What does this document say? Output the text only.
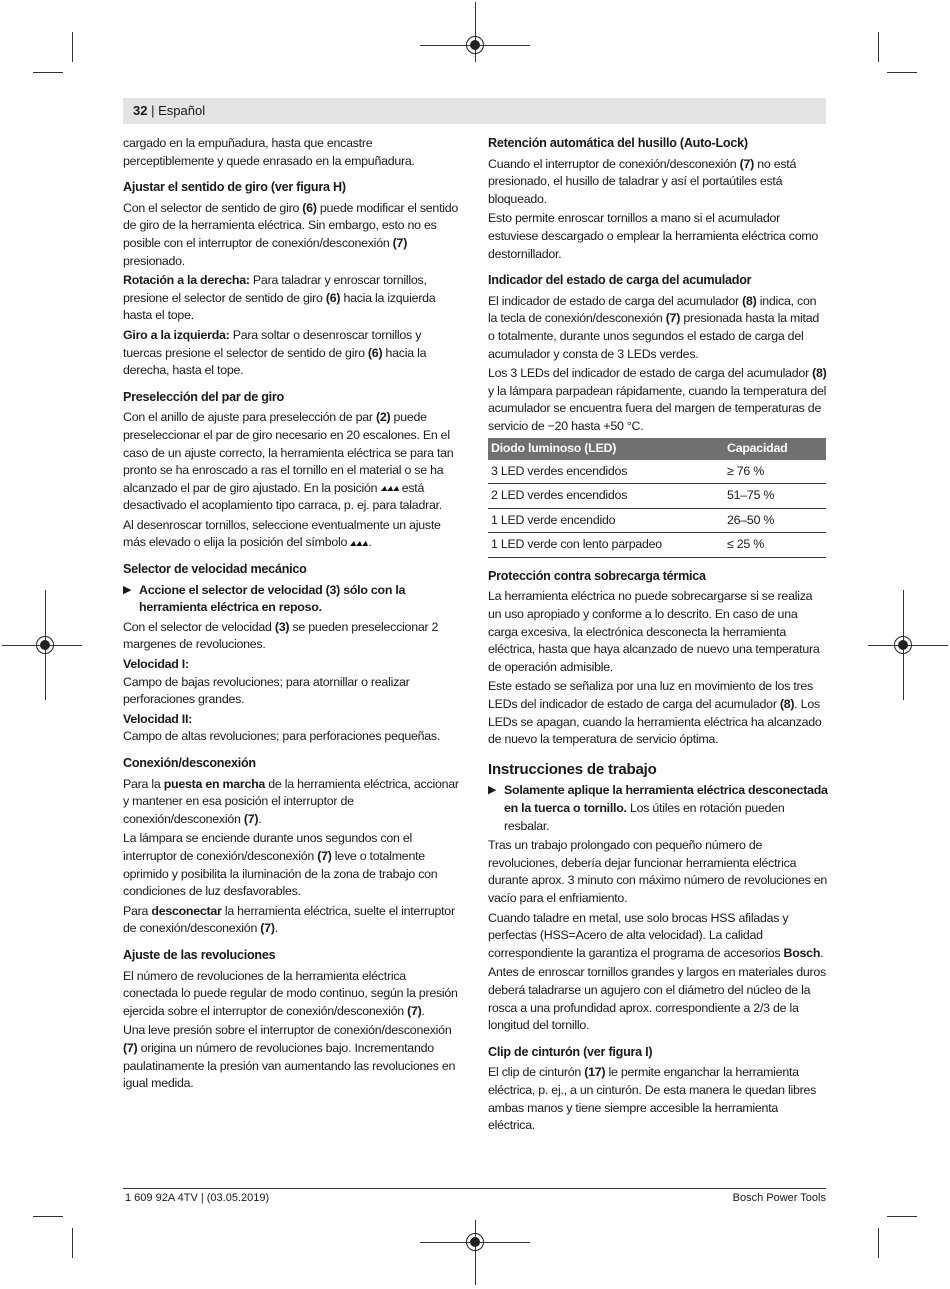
32 | Español

cargado en la empuñadura, hasta que encastre perceptiblemente y quede enrasado en la empuñadura.

Ajustar el sentido de giro (ver figura H)

Con el selector de sentido de giro (6) puede modificar el sentido de giro de la herramienta eléctrica. Sin embargo, esto no es posible con el interruptor de conexión/desconexión (7) presionado.

Rotación a la derecha: Para taladrar y enroscar tornillos, presione el selector de sentido de giro (6) hacia la izquierda hasta el tope.

Giro a la izquierda: Para soltar o desenroscar tornillos y tuercas presione el selector de sentido de giro (6) hacia la derecha, hasta el tope.

Preselección del par de giro

Con el anillo de ajuste para preselección de par (2) puede preseleccionar el par de giro necesario en 20 escalones. En el caso de un ajuste correcto, la herramienta eléctrica se para tan pronto se ha enroscado a ras el tornillo en el material o se ha alcanzado el par de giro ajustado. En la posición  está desactivado el acoplamiento tipo carraca, p. ej. para taladrar.

Al desenroscar tornillos, seleccione eventualmente un ajuste más elevado o elija la posición del símbolo .

Selector de velocidad mecánico
▶ Accione el selector de velocidad (3) sólo con la herramienta eléctrica en reposo.

Con el selector de velocidad (3) se pueden preseleccionar 2 margenes de revoluciones.

Velocidad I:

Campo de bajas revoluciones; para atornillar o realizar perforaciones grandes.

Velocidad II:

Campo de altas revoluciones; para perforaciones pequeñas.

Conexión/desconexión

Para la puesta en marcha de la herramienta eléctrica, accionar y mantener en esa posición el interruptor de conexión/desconexión (7).

La lámpara se enciende durante unos segundos con el interruptor de conexión/desconexión (7) leve o totalmente oprimido y posibilita la iluminación de la zona de trabajo con condiciones de luz desfavorables.

Para desconectar la herramienta eléctrica, suelte el interruptor de conexión/desconexión (7).

Ajuste de las revoluciones

El número de revoluciones de la herramienta eléctrica conectada lo puede regular de modo continuo, según la presión ejercida sobre el interruptor de conexión/desconexión (7).

Una leve presión sobre el interruptor de conexión/desconexión (7) origina un número de revoluciones bajo. Incrementando paulatinamente la presión van aumentando las revoluciones en igual medida.

Retención automática del husillo (Auto-Lock)

Cuando el interruptor de conexión/desconexión (7) no está presionado, el husillo de taladrar y así el portaútiles está bloqueado.

Esto permite enroscar tornillos a mano si el acumulador estuviese descargado o emplear la herramienta eléctrica como destornillador.

Indicador del estado de carga del acumulador

El indicador de estado de carga del acumulador (8) indica, con la tecla de conexión/desconexión (7) presionada hasta la mitad o totalmente, durante unos segundos el estado de carga del acumulador y consta de 3 LEDs verdes.

Los 3 LEDs del indicador de estado de carga del acumulador (8) y la lámpara parpadean rápidamente, cuando la temperatura del acumulador se encuentra fuera del margen de temperaturas de servicio de −20 hasta +50 °C.

Diodo luminoso (LED)	Capacidad
3 LED verdes encendidos	≥ 76 %
2 LED verdes encendidos	51–75 %
1 LED verde encendido	26–50 %
1 LED verde con lento parpadeo	≤ 25 %
Protección contra sobrecarga térmica

La herramienta eléctrica no puede sobrecargarse si se realiza un uso apropiado y conforme a lo descrito. En caso de una carga excesiva, la electrónica desconecta la herramienta eléctrica, hasta que haya alcanzado de nuevo una temperatura de operación admisible.

Este estado se señaliza por una luz en movimiento de los tres LEDs del indicador de estado de carga del acumulador (8). Los LEDs se apagan, cuando la herramienta eléctrica ha alcanzado de nuevo la temperatura de servicio óptima.

Instrucciones de trabajo
▶ Solamente aplique la herramienta eléctrica desconectada en la tuerca o tornillo. Los útiles en rotación pueden resbalar.

Tras un trabajo prolongado con pequeño número de revoluciones, debería dejar funcionar herramienta eléctrica durante aprox. 3 minuto con máximo número de revoluciones en vacío para el enfriamiento.

Cuando taladre en metal, use solo brocas HSS afiladas y perfectas (HSS=Acero de alta velocidad). La calidad correspondiente la garantiza el programa de accesorios Bosch.

Antes de enroscar tornillos grandes y largos en materiales duros deberá taladrarse un agujero con el diámetro del núcleo de la rosca a una profundidad aprox. correspondiente a 2/3 de la longitud del tornillo.

Clip de cinturón (ver figura I)

El clip de cinturón (17) le permite enganchar la herramienta eléctrica, p. ej., a un cinturón. De esta manera le quedan libres ambas manos y tiene siempre accesible la herramienta eléctrica.

1 609 92A 4TV | (03.05.2019)	Bosch Power Tools
